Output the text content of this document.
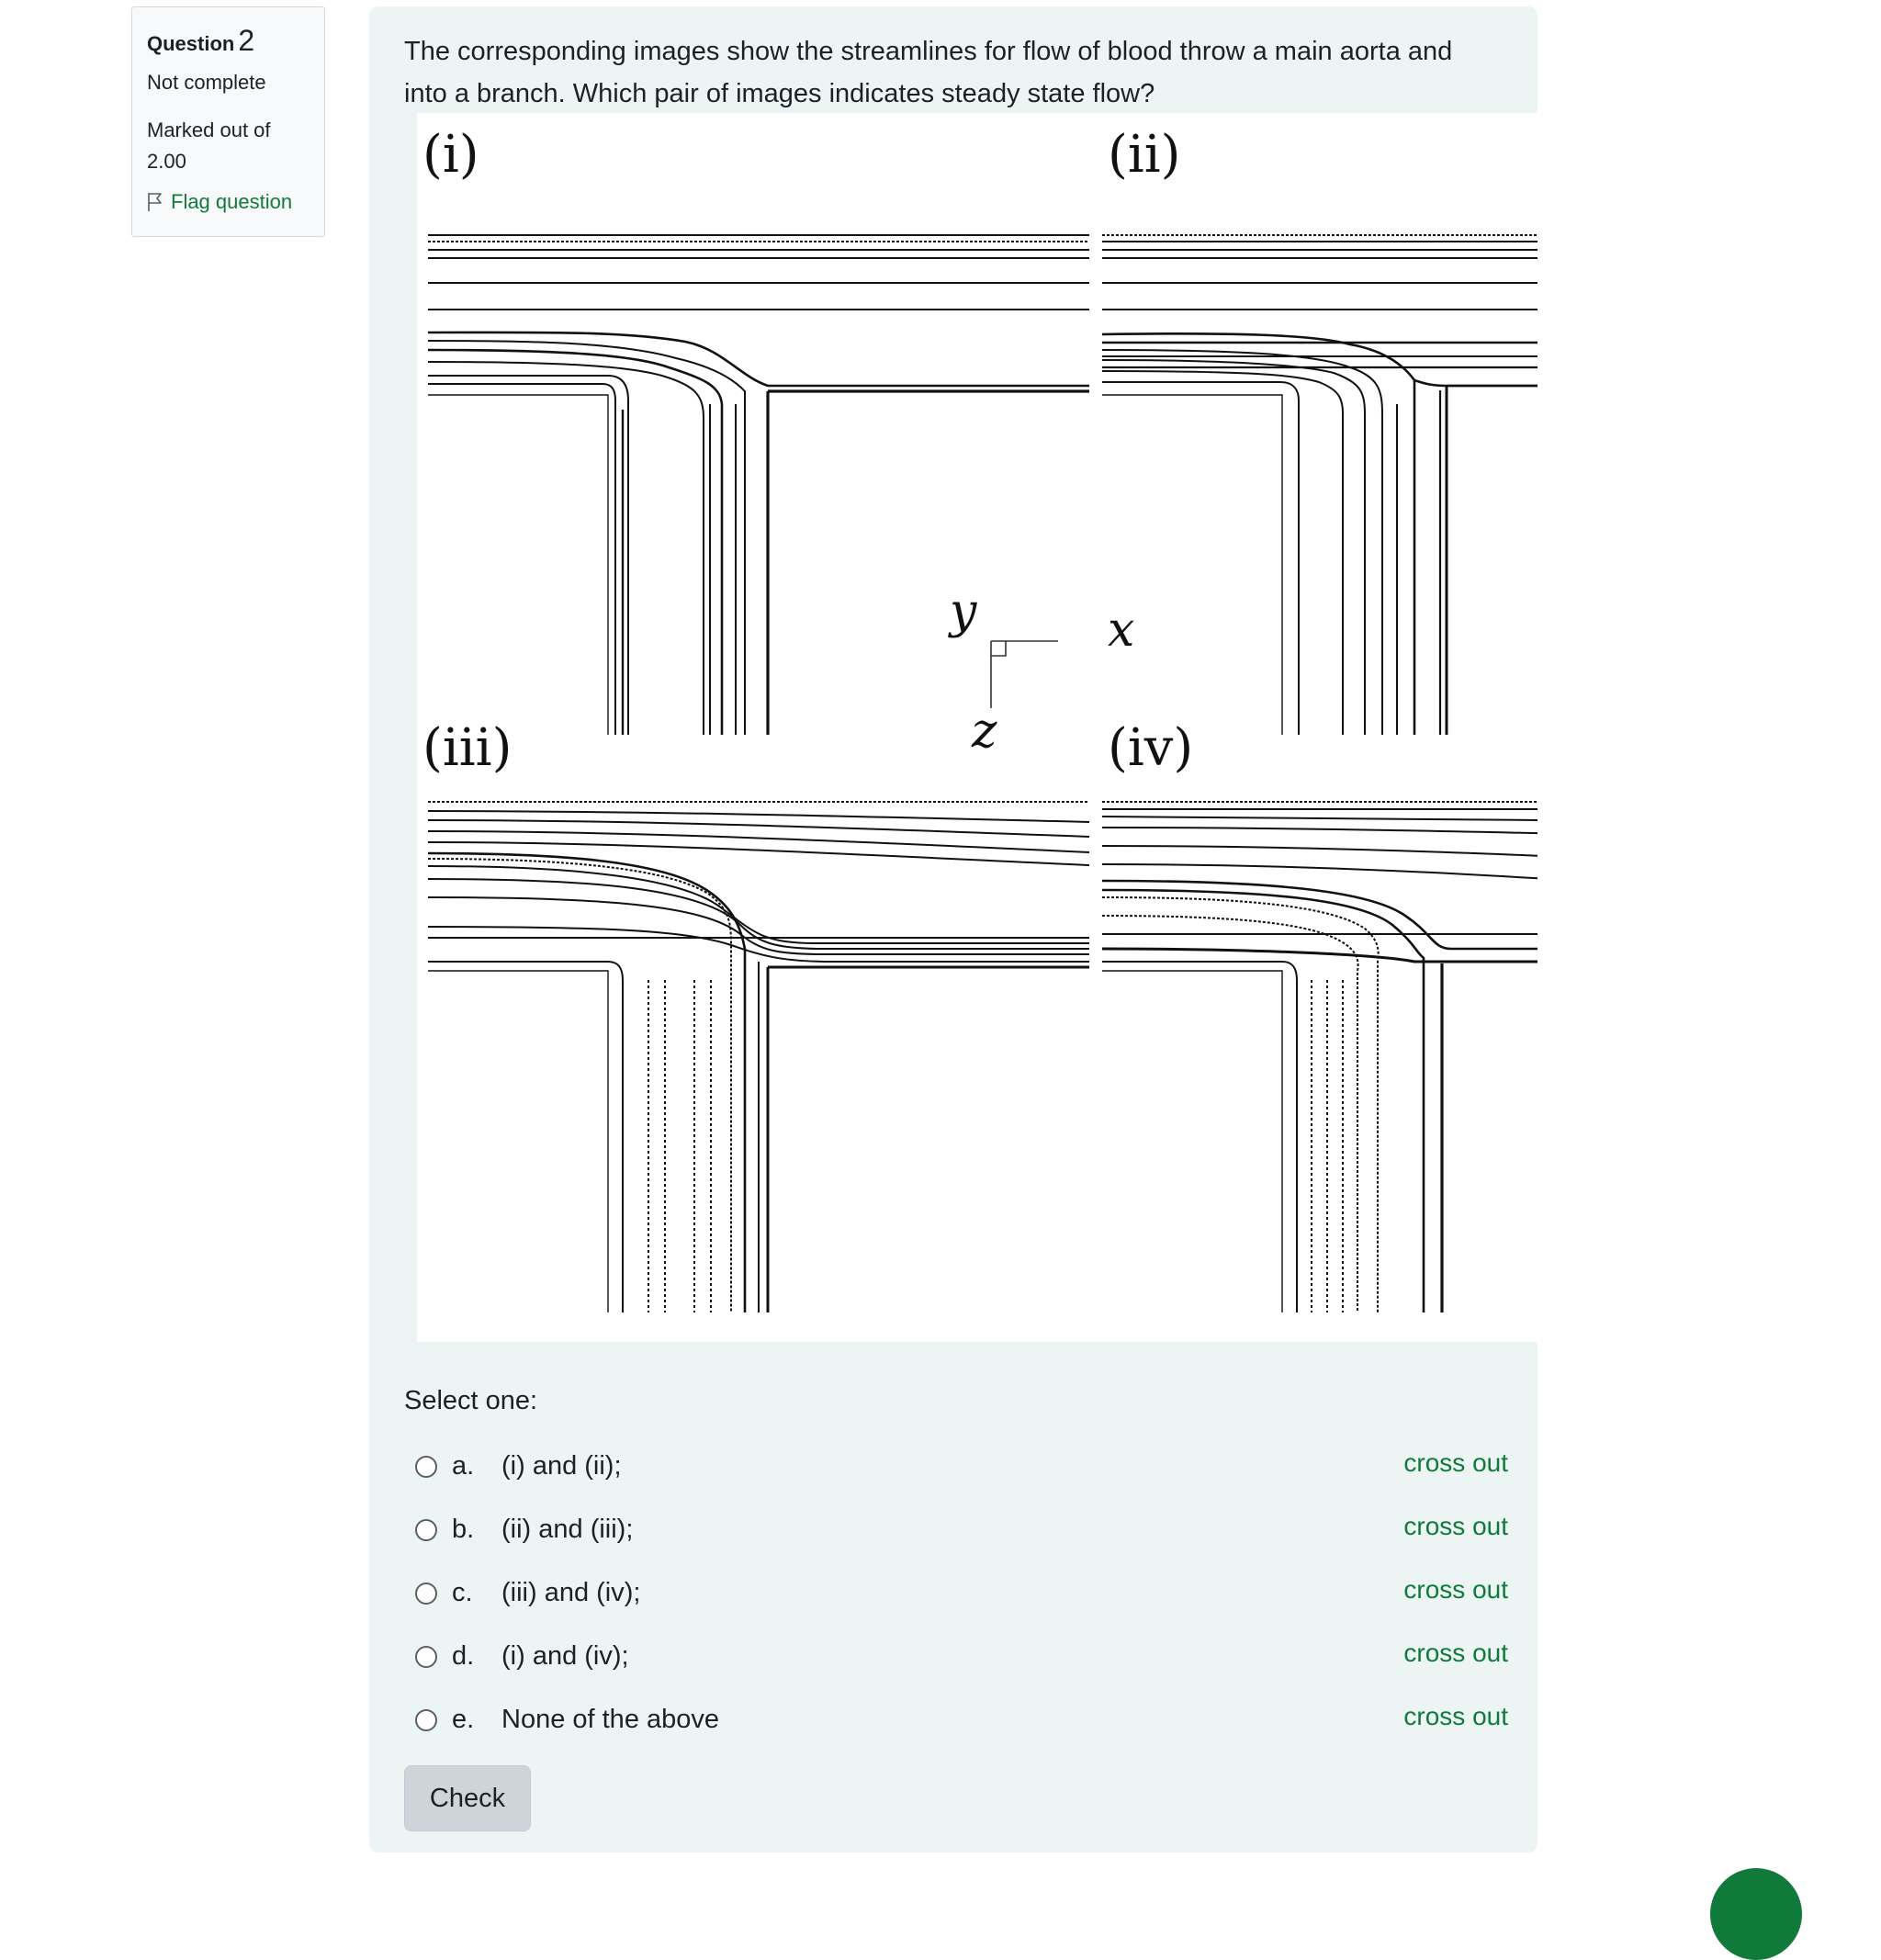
Question 2
Not complete
Marked out of 2.00
Flag question
The corresponding images show the streamlines for flow of blood throw a main aorta and into a branch. Which pair of images indicates steady state flow?
(i)	(ii)
(iii)	(iv)
y	x
z
Select one:
a.	(i) and (ii);	cross out
b.	(ii) and (iii);	cross out
c.	(iii) and (iv);	cross out
d.	(i) and (iv);	cross out
e.	None of the above	cross out
Check
